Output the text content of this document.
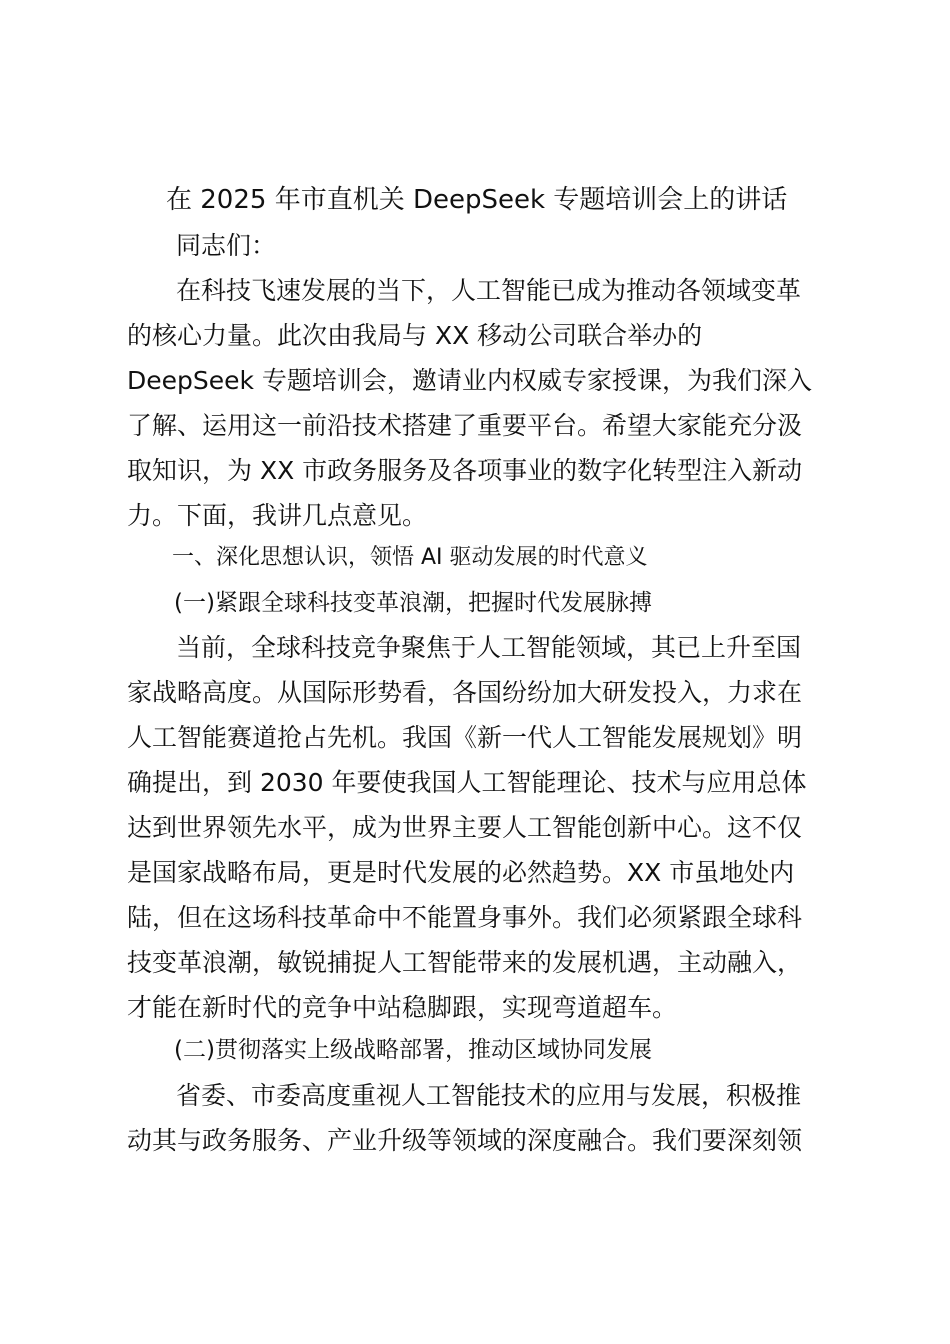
在 2025 年市直机关 DeepSeek 专题培训会上的讲话
同志们：
在科技飞速发展的当下，人工智能已成为推动各领域变革
的核心力量。此次由我局与 XX 移动公司联合举办的
DeepSeek 专题培训会，邀请业内权威专家授课，为我们深入
了解、运用这一前沿技术搭建了重要平台。希望大家能充分汲
取知识，为 XX 市政务服务及各项事业的数字化转型注入新动
力。下面，我讲几点意见。
一、深化思想认识，领悟 AI 驱动发展的时代意义
(一)紧跟全球科技变革浪潮，把握时代发展脉搏
当前，全球科技竞争聚焦于人工智能领域，其已上升至国
家战略高度。从国际形势看，各国纷纷加大研发投入，力求在
人工智能赛道抢占先机。我国《新一代人工智能发展规划》明
确提出，到 2030 年要使我国人工智能理论、技术与应用总体
达到世界领先水平，成为世界主要人工智能创新中心。这不仅
是国家战略布局，更是时代发展的必然趋势。XX 市虽地处内
陆，但在这场科技革命中不能置身事外。我们必须紧跟全球科
技变革浪潮，敏锐捕捉人工智能带来的发展机遇，主动融入，
才能在新时代的竞争中站稳脚跟，实现弯道超车。
(二)贯彻落实上级战略部署，推动区域协同发展
省委、市委高度重视人工智能技术的应用与发展，积极推
动其与政务服务、产业升级等领域的深度融合。我们要深刻领
